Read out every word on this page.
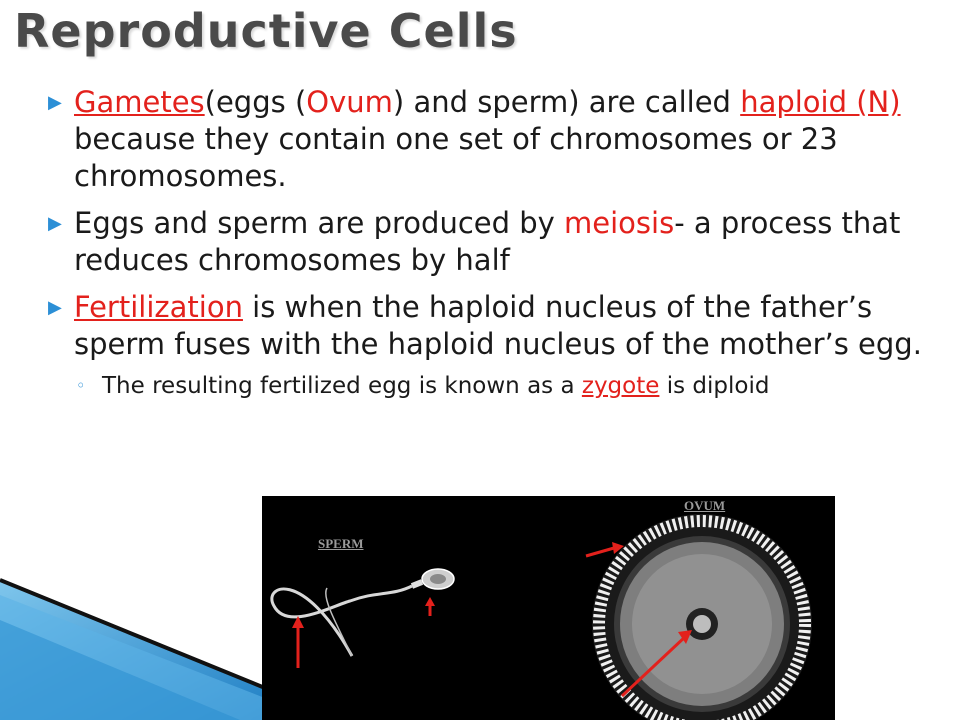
Reproductive Cells
▶ Gametes(eggs (Ovum) and sperm) are called haploid (N) because they contain one set of chromosomes or 23 chromosomes.
▶ Eggs and sperm are produced by meiosis- a process that reduces chromosomes by half
▶ Fertilization is when the haploid nucleus of the father’s sperm fuses with the haploid nucleus of the mother’s egg.
◦ The resulting fertilized egg is known as a zygote is diploid
SPERM
OVUM
